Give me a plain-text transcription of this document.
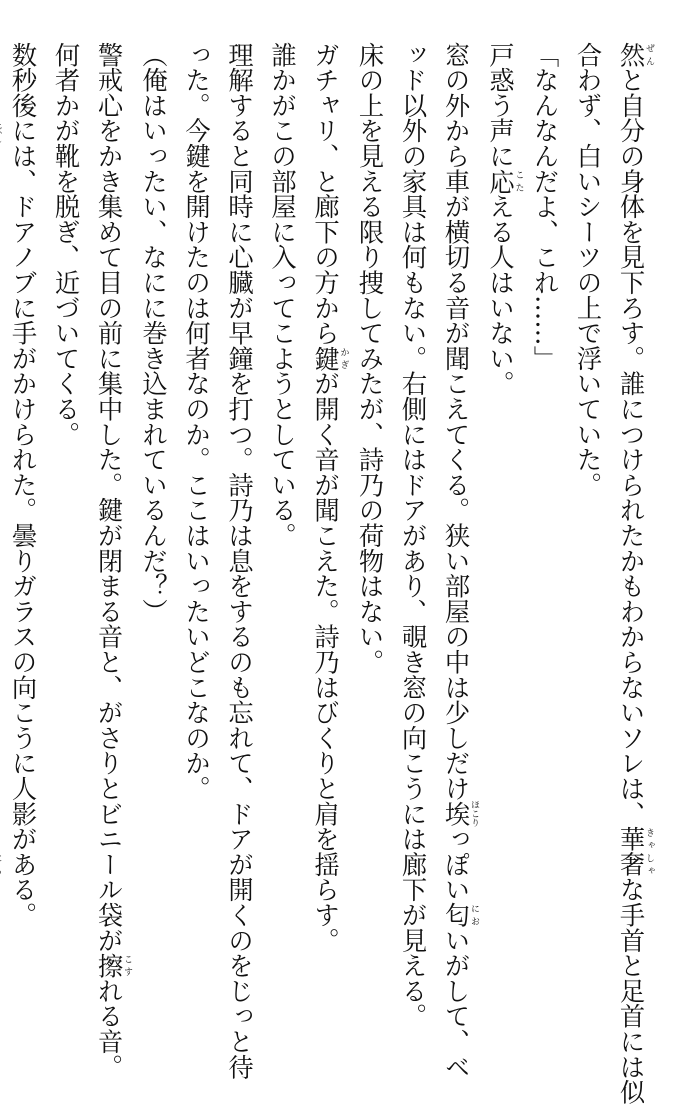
然ぜんと自分の身体を見下ろす。誰につけられたかもわからないソレは、華奢きゃしゃな手首と足首には似
合わず、白いシーツの上で浮いていた。
「なんなんだよ、これ……」
戸惑う声に応こたえる人はいない。
窓の外から車が横切る音が聞こえてくる。狭い部屋の中は少しだけ埃ほこりっぽい匂においがして、ベ
ッド以外の家具は何もない。右側にはドアがあり、覗き窓の向こうには廊下が見える。
床の上を見える限り捜してみたが、詩乃の荷物はない。
ガチャリ、と廊下の方から鍵かぎが開く音が聞こえた。詩乃はびくりと肩を揺らす。
誰かがこの部屋に入ってこようとしている。
理解すると同時に心臓が早鐘を打つ。詩乃は息をするのも忘れて、ドアが開くのをじっと待
った。今鍵を開けたのは何者なのか。ここはいったいどこなのか。
（俺はいったい、なにに巻き込まれているんだ？）
警戒心をかき集めて目の前に集中した。鍵が閉まる音と、がさりとビニール袋が擦こすれる音。
何者かが靴を脱ぎ、近づいてくる。
数秒後には、ドアノブに手がかけられた。曇りガラスの向こうに人影がある。
